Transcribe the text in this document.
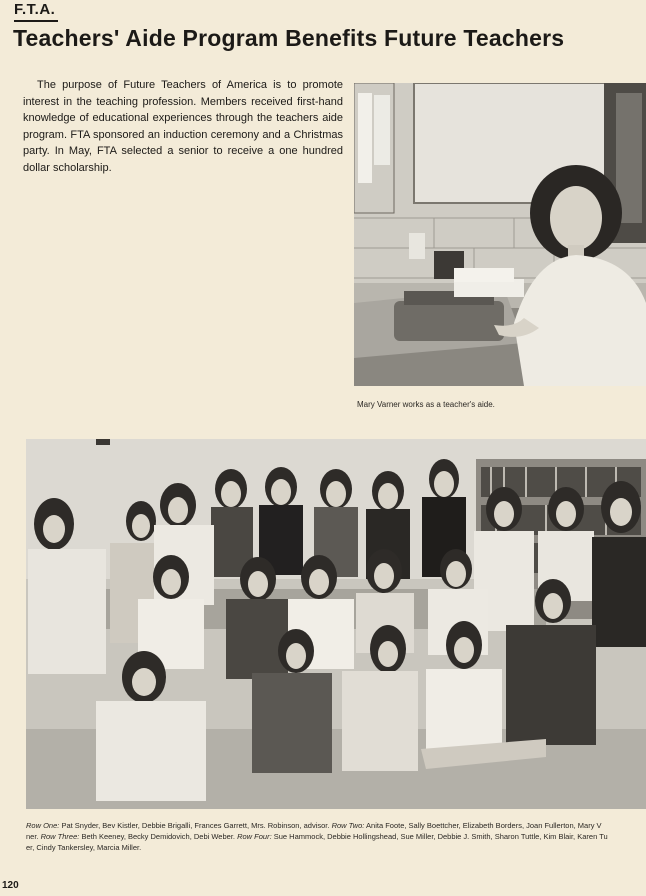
F.T.A.
Teachers' Aide Program Benefits Future Teachers
The purpose of Future Teachers of America is to promote interest in the teaching profession. Members received first-hand knowledge of educational experiences through the teachers aide program. FTA sponsored an induction ceremony and a Christmas party. In May, FTA selected a senior to receive a one hundred dollar scholarship.
Mary Varner works as a teacher's aide.
Row One: Pat Snyder, Bev Kistler, Debbie Brigalli, Frances Garrett, Mrs. Robinson, advisor. Row Two: Anita Foote, Sally Boettcher, Elizabeth Borders, Joan Fullerton, Mary V
ner. Row Three: Beth Keeney, Becky Demidovich, Debi Weber. Row Four: Sue Hammock, Debbie Hollingshead, Sue Miller, Debbie J. Smith, Sharon Tuttle, Kim Blair, Karen Tu
er, Cindy Tankersley, Marcia Miller.
120
